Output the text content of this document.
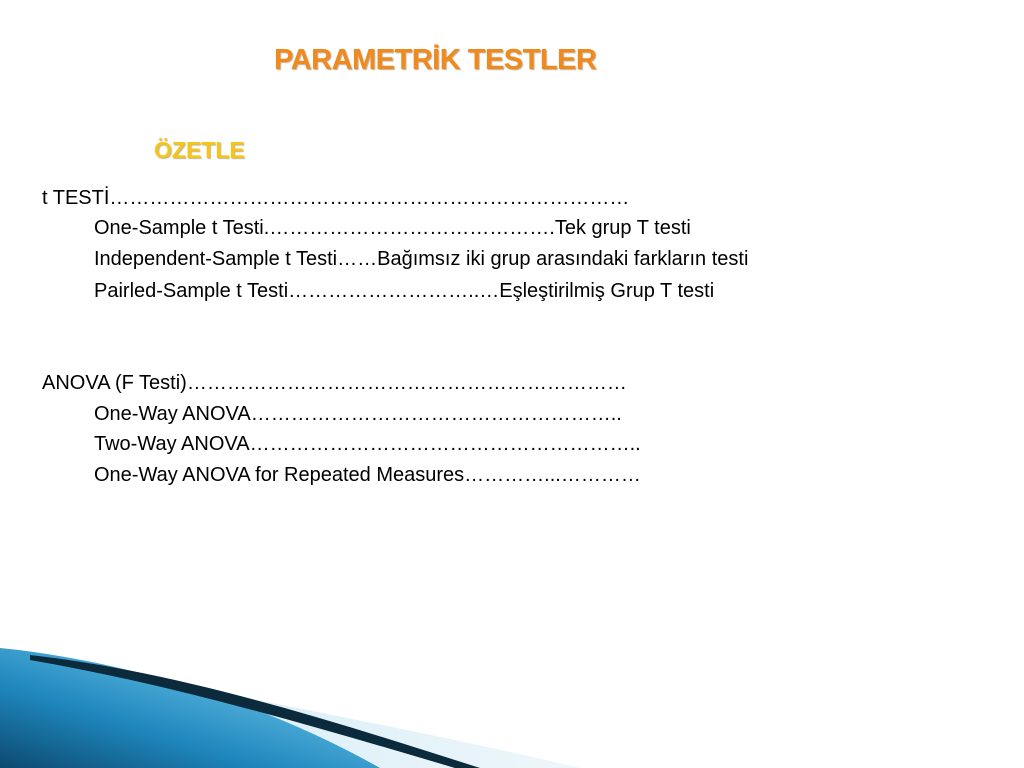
PARAMETRİK TESTLER
ÖZETLE
t TESTİ……………………………………………………………………
One-Sample t Testi.…………………………………….Tek grup T testi
Independent-Sample t Testi……Bağımsız iki grup arasındaki farkların testi
Pairled-Sample t Testi………………………..…Eşleştirilmiş Grup T testi
ANOVA (F Testi)…………………………………………………………
One-Way ANOVA………………………………………………..
Two-Way ANOVA…………………………………………………..
One-Way ANOVA for Repeated Measures…………...…………
